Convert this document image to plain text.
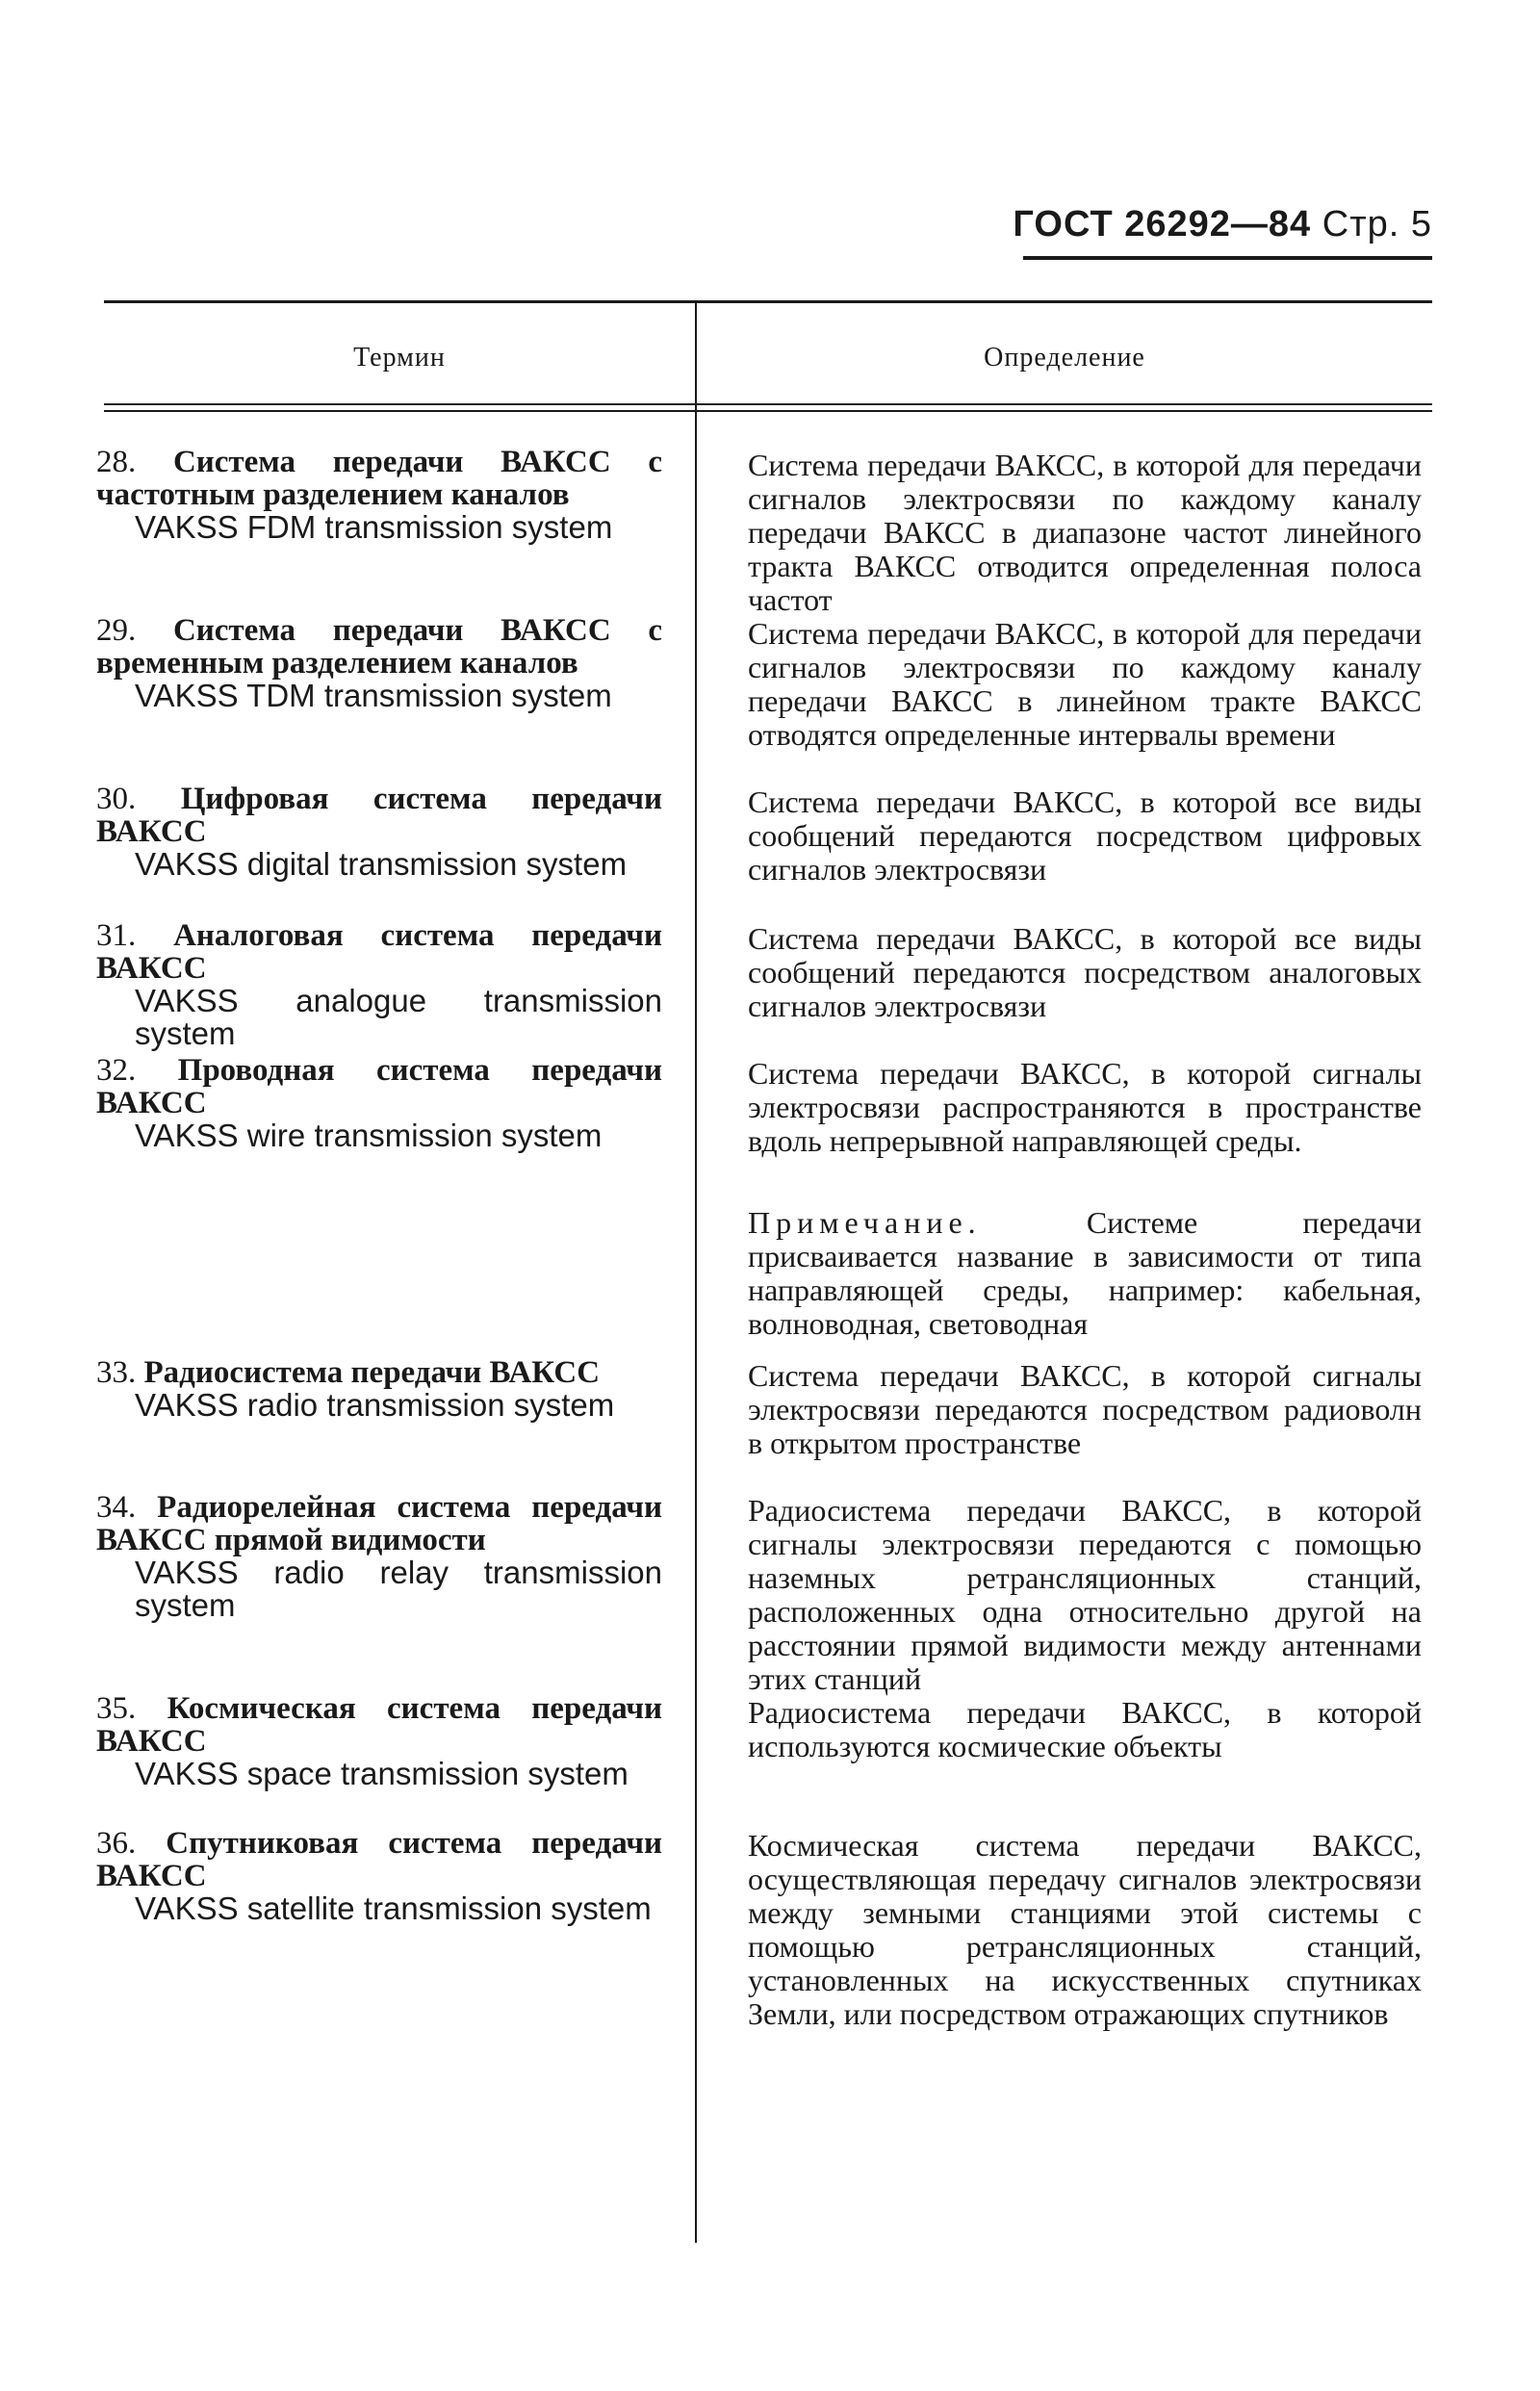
ГОСТ 26292—84 Стр. 5
Термин	Определение
28. Система передачи ВАКСС с частотным разделением каналов
VAKSS FDM transmission system
29. Система передачи ВАКСС с временным разделением каналов
VAKSS TDM transmission system
30. Цифровая система передачи ВАКСС
VAKSS digital transmission system
31. Аналоговая система передачи ВАКСС
VAKSS analogue transmission system
32. Проводная система передачи ВАКСС
VAKSS wire transmission system
33. Радиосистема передачи ВАКСС
VAKSS radio transmission system
34. Радиорелейная система передачи ВАКСС прямой видимости
VAKSS radio relay transmission system
35. Космическая система передачи ВАКСС
VAKSS space transmission system
36. Спутниковая система передачи ВАКСС
VAKSS satellite transmission system
Система передачи ВАКСС, в которой для передачи сигналов электросвязи по каждому каналу передачи ВАКСС в диапазоне частот линейного тракта ВАКСС отводится определенная полоса частот
Система передачи ВАКСС, в которой для передачи сигналов электросвязи по каждому каналу передачи ВАКСС в линейном тракте ВАКСС отводятся определенные интервалы времени
Система передачи ВАКСС, в которой все виды сообщений передаются посредством цифровых сигналов электросвязи
Система передачи ВАКСС, в которой все виды сообщений передаются посредством аналоговых сигналов электросвязи
Система передачи ВАКСС, в которой сигналы электросвязи распространяются в пространстве вдоль непрерывной направляющей среды.
Примечание.	Системе передачи присваивается название в зависимости от типа направляющей среды, например: кабельная, волноводная, световодная
Система передачи ВАКСС, в которой сигналы электросвязи передаются посредством радиоволн в открытом пространстве
Радиосистема передачи ВАКСС, в которой сигналы электросвязи передаются с помощью наземных ретрансляционных станций, расположенных одна относительно другой на расстоянии прямой видимости между антеннами этих станций
Радиосистема передачи ВАКСС, в которой используются космические объекты
Космическая система передачи ВАКСС, осуществляющая передачу сигналов электросвязи между земными станциями этой системы с помощью ретрансляционных станций, установленных на искусственных спутниках Земли, или посредством отражающих спутников
